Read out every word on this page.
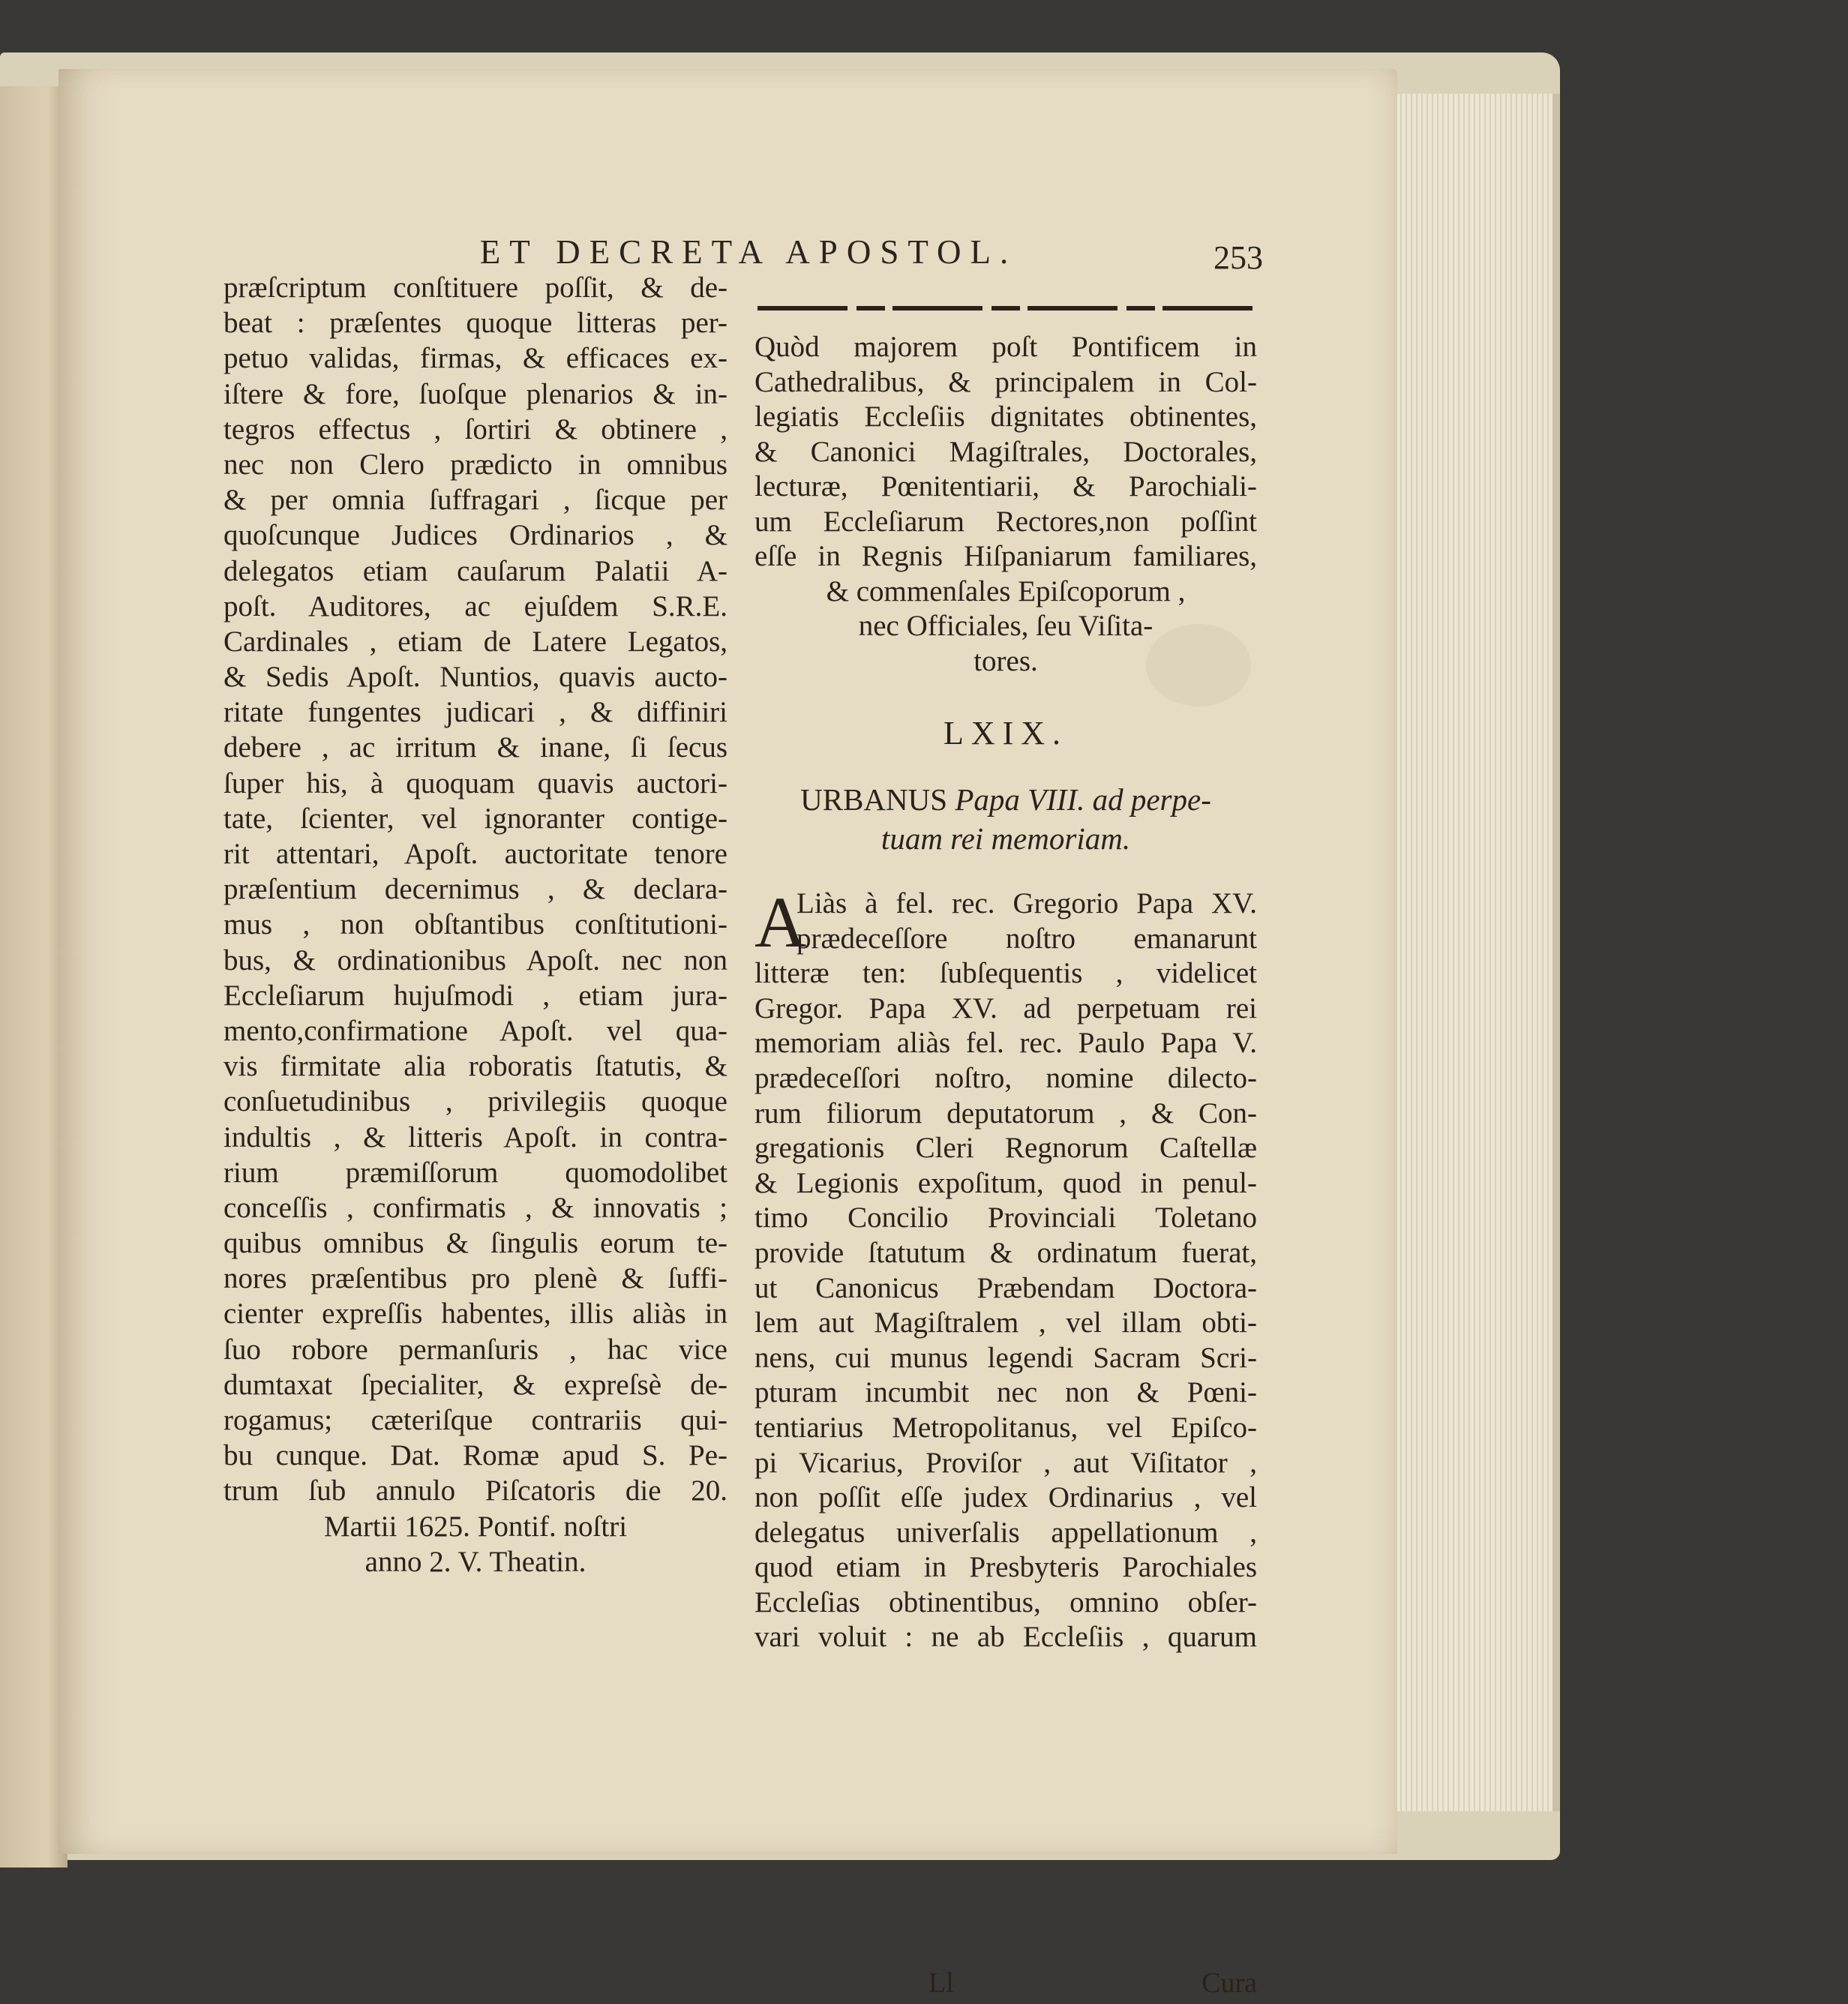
ET DECRETA APOSTOL.	253
præſcriptum conſtituere poſſit, & de-
beat : præſentes quoque litteras per-
petuo validas, firmas, & efficaces ex-
iſtere & fore, ſuoſque plenarios & in-
tegros effectus , ſortiri & obtinere ,
nec non Clero prædicto in omnibus
& per omnia ſuffragari , ſicque per
quoſcunque Judices Ordinarios , &
delegatos etiam cauſarum Palatii A-
poſt. Auditores, ac ejuſdem S.R.E.
Cardinales , etiam de Latere Legatos,
& Sedis Apoſt. Nuntios, quavis aucto-
ritate fungentes judicari , & diffiniri
debere , ac irritum & inane, ſi ſecus
ſuper his, à quoquam quavis auctori-
tate, ſcienter, vel ignoranter contige-
rit attentari, Apoſt. auctoritate tenore
præſentium decernimus , & declara-
mus , non obſtantibus conſtitutioni-
bus, & ordinationibus Apoſt. nec non
Eccleſiarum hujuſmodi , etiam jura-
mento,confirmatione Apoſt. vel qua-
vis firmitate alia roboratis ſtatutis, &
conſuetudinibus , privilegiis quoque
indultis , & litteris Apoſt. in contra-
rium præmiſſorum quomodolibet
conceſſis , confirmatis , & innovatis ;
quibus omnibus & ſingulis eorum te-
nores præſentibus pro plenè & ſuffi-
cienter expreſſis habentes, illis aliàs in
ſuo robore permanſuris , hac vice
dumtaxat ſpecialiter, & expreſsè de-
rogamus; cæteriſque contrariis qui-
bu cunque. Dat. Romæ apud S. Pe-
trum ſub annulo Piſcatoris die 20.
Martii 1625. Pontif. noſtri
anno 2. V. Theatin.
Quòd majorem poſt Pontificem in
Cathedralibus, & principalem in Col-
legiatis Eccleſiis dignitates obtinentes,
& Canonici Magiſtrales, Doctorales,
lecturæ, Pœnitentiarii, & Parochiali-
um Eccleſiarum Rectores,non poſſint
eſſe in Regnis Hiſpaniarum familiares,
& commenſales Epiſcoporum ,
nec Officiales, ſeu Viſita-
tores.
LXIX.
URBANUS Papa VIII. ad perpe-
tuam rei memoriam.
A
Liàs à fel. rec. Gregorio Papa XV.
prædeceſſore noſtro emanarunt
litteræ ten: ſubſequentis , videlicet
Gregor. Papa XV. ad perpetuam rei
memoriam aliàs fel. rec. Paulo Papa V.
prædeceſſori noſtro, nomine dilecto-
rum filiorum deputatorum , & Con-
gregationis Cleri Regnorum Caſtellæ
& Legionis expoſitum, quod in penul-
timo Concilio Provinciali Toletano
provide ſtatutum & ordinatum fuerat,
ut Canonicus Præbendam Doctora-
lem aut Magiſtralem , vel illam obti-
nens, cui munus legendi Sacram Scri-
pturam incumbit nec non & Pœni-
tentiarius Metropolitanus, vel Epiſco-
pi Vicarius, Proviſor , aut Viſitator ,
non poſſit eſſe judex Ordinarius , vel
delegatus univerſalis appellationum ,
quod etiam in Presbyteris Parochiales
Eccleſias obtinentibus, omnino obſer-
vari voluit : ne ab Eccleſiis , quarum
Ll	Cura
